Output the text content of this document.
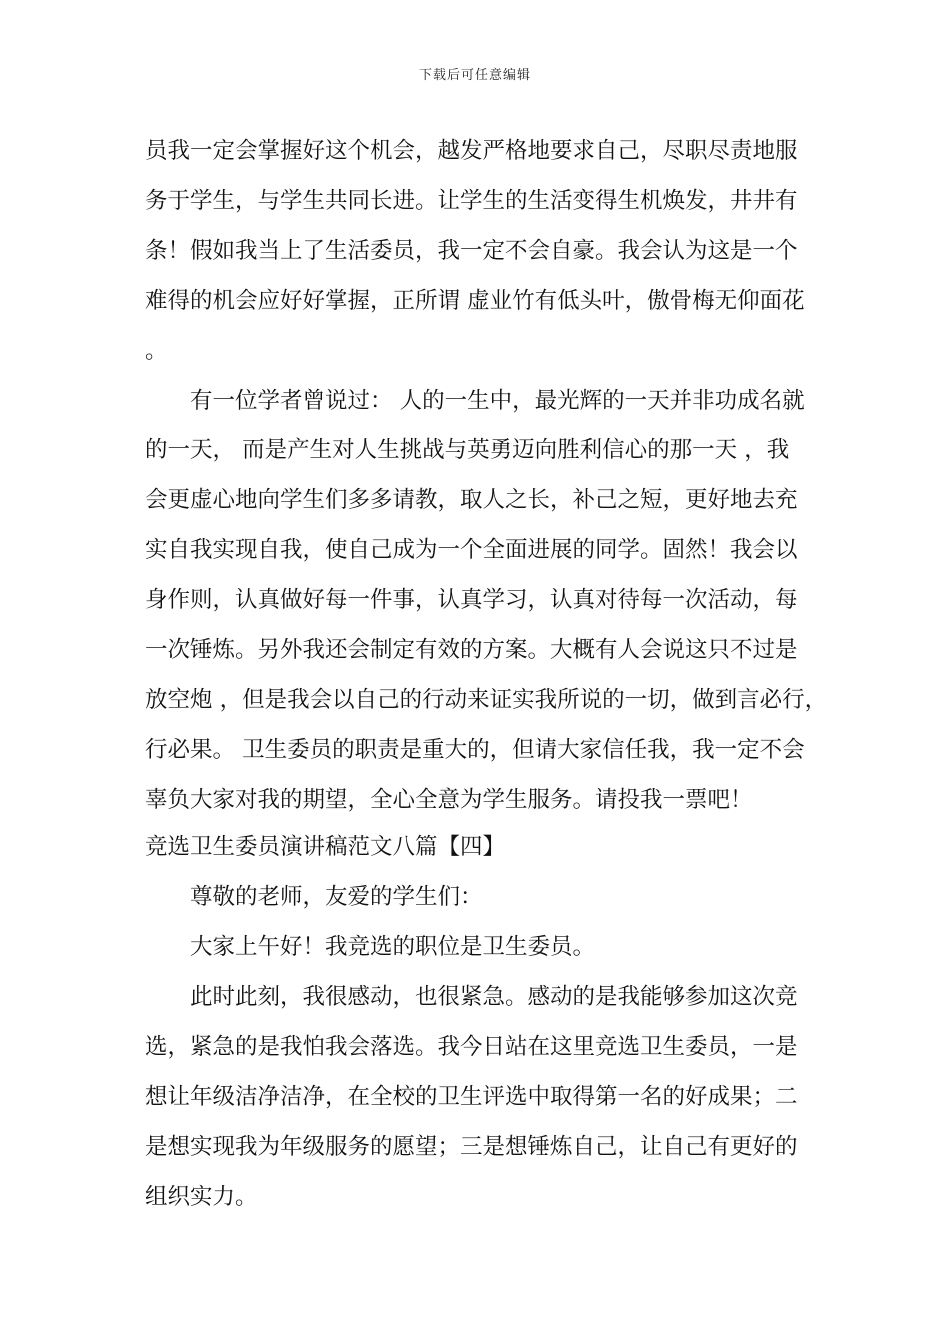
下载后可任意编辑
员我一定会掌握好这个机会，越发严格地要求自己，尽职尽责地服
务于学生，与学生共同长进。让学生的生活变得生机焕发，井井有
条！假如我当上了生活委员，我一定不会自豪。我会认为这是一个
难得的机会应好好掌握，正所谓 虚业竹有低头叶，傲骨梅无仰面花
。
有一位学者曾说过： 人的一生中，最光辉的一天并非功成名就
的一天， 而是产生对人生挑战与英勇迈向胜利信心的那一天 ，我
会更虚心地向学生们多多请教，取人之长，补己之短，更好地去充
实自我实现自我，使自己成为一个全面进展的同学。固然！我会以
身作则，认真做好每一件事，认真学习，认真对待每一次活动，每
一次锤炼。另外我还会制定有效的方案。大概有人会说这只不过是
放空炮 ，但是我会以自己的行动来证实我所说的一切，做到言必行，
行必果。 卫生委员的职责是重大的，但请大家信任我，我一定不会
辜负大家对我的期望，全心全意为学生服务。请投我一票吧！
竞选卫生委员演讲稿范文八篇【四】
尊敬的老师，友爱的学生们：
大家上午好！我竞选的职位是卫生委员。
此时此刻，我很感动，也很紧急。感动的是我能够参加这次竞
选，紧急的是我怕我会落选。我今日站在这里竞选卫生委员，一是
想让年级洁净洁净，在全校的卫生评选中取得第一名的好成果；二
是想实现我为年级服务的愿望；三是想锤炼自己，让自己有更好的
组织实力。
